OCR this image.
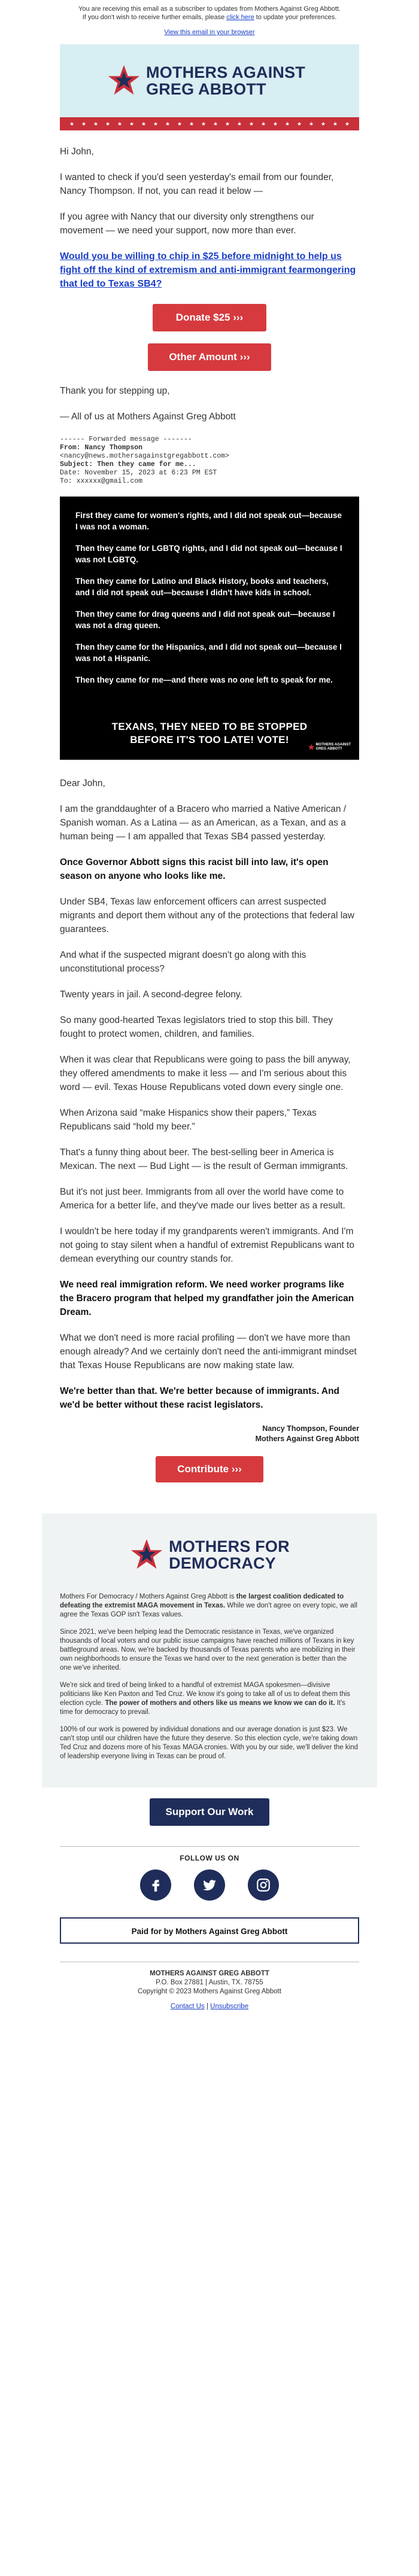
You are receiving this email as a subscriber to updates from Mothers Against Greg Abbott.
If you don't wish to receive further emails, please click here to update your preferences.
View this email in your browser
MOTHERS AGAINST
GREG ABBOTT
★ ★ ★ ★ ★ ★ ★ ★ ★ ★ ★ ★ ★ ★ ★ ★ ★ ★ ★ ★ ★ ★ ★ ★

Hi John,

I wanted to check if you'd seen yesterday's email from our founder, Nancy Thompson. If not, you can read it below —

If you agree with Nancy that our diversity only strengthens our movement — we need your support, now more than ever.

Would you be willing to chip in $25 before midnight to help us fight off the kind of extremism and anti-immigrant fearmongering that led to Texas SB4?

Donate $25 ›››
Other Amount ›››

Thank you for stepping up,

— All of us at Mothers Against Greg Abbott

------ Forwarded message -------
From: Nancy Thompson
<nancy@news.mothersagainstgregabbott.com>
Subject: Then they came for me...
Date: November 15, 2023 at 6:23 PM EST
To: xxxxxx@gmail.com

First they came for women's rights, and I did not speak out—because I was not a woman.

Then they came for LGBTQ rights, and I did not speak out—because I was not LGBTQ.

Then they came for Latino and Black History, books and teachers, and I did not speak out—because I didn't have kids in school.

Then they came for drag queens and I did not speak out—because I was not a drag queen.

Then they came for the Hispanics, and I did not speak out—because I was not a Hispanic.

Then they came for me—and there was no one left to speak for me.

TEXANS, THEY NEED TO BE STOPPED
BEFORE IT'S TOO LATE! VOTE!	MOTHERS AGAINST
GREG ABBOTT

Dear John,

I am the granddaughter of a Bracero who married a Native American / Spanish woman. As a Latina — as an American, as a Texan, and as a human being — I am appalled that Texas SB4 passed yesterday.

Once Governor Abbott signs this racist bill into law, it's open season on anyone who looks like me.

Under SB4, Texas law enforcement officers can arrest suspected migrants and deport them without any of the protections that federal law guarantees.

And what if the suspected migrant doesn't go along with this unconstitutional process?

Twenty years in jail. A second-degree felony.

So many good-hearted Texas legislators tried to stop this bill. They fought to protect women, children, and families.

When it was clear that Republicans were going to pass the bill anyway, they offered amendments to make it less — and I'm serious about this word — evil. Texas House Republicans voted down every single one.

When Arizona said “make Hispanics show their papers,” Texas Republicans said “hold my beer.”

That's a funny thing about beer. The best-selling beer in America is Mexican. The next — Bud Light — is the result of German immigrants.

But it's not just beer. Immigrants from all over the world have come to America for a better life, and they've made our lives better as a result.

I wouldn't be here today if my grandparents weren't immigrants. And I'm not going to stay silent when a handful of extremist Republicans want to demean everything our country stands for.

We need real immigration reform. We need worker programs like the Bracero program that helped my grandfather join the American Dream.

What we don't need is more racial profiling — don't we have more than enough already? And we certainly don't need the anti-immigrant mindset that Texas House Republicans are now making state law.

We're better than that. We're better because of immigrants. And we'd be better without these racist legislators.

Nancy Thompson, Founder
Mothers Against Greg Abbott
Contribute ›››
MOTHERS FOR
DEMOCRACY

Mothers For Democracy / Mothers Against Greg Abbott is the largest coalition dedicated to defeating the extremist MAGA movement in Texas. While we don't agree on every topic, we all agree the Texas GOP isn't Texas values.

Since 2021, we've been helping lead the Democratic resistance in Texas, we've organized thousands of local voters and our public issue campaigns have reached millions of Texans in key battleground areas. Now, we're backed by thousands of Texas parents who are mobilizing in their own neighborhoods to ensure the Texas we hand over to the next generation is better than the one we've inherited.

We're sick and tired of being linked to a handful of extremist MAGA spokesmen—divisive politicians like Ken Paxton and Ted Cruz. We know it's going to take all of us to defeat them this election cycle. The power of mothers and others like us means we know we can do it. It's time for democracy to prevail.

100% of our work is powered by individual donations and our average donation is just $23. We can't stop until our children have the future they deserve. So this election cycle, we're taking down Ted Cruz and dozens more of his Texas MAGA cronies. With you by our side, we'll deliver the kind of leadership everyone living in Texas can be proud of.

Support Our Work
FOLLOW US ON
Paid for by Mothers Against Greg Abbott
MOTHERS AGAINST GREG ABBOTT
P.O. Box 27881 | Austin, TX. 78755
Copyright © 2023 Mothers Against Greg Abbott
Contact Us | Unsubscribe
